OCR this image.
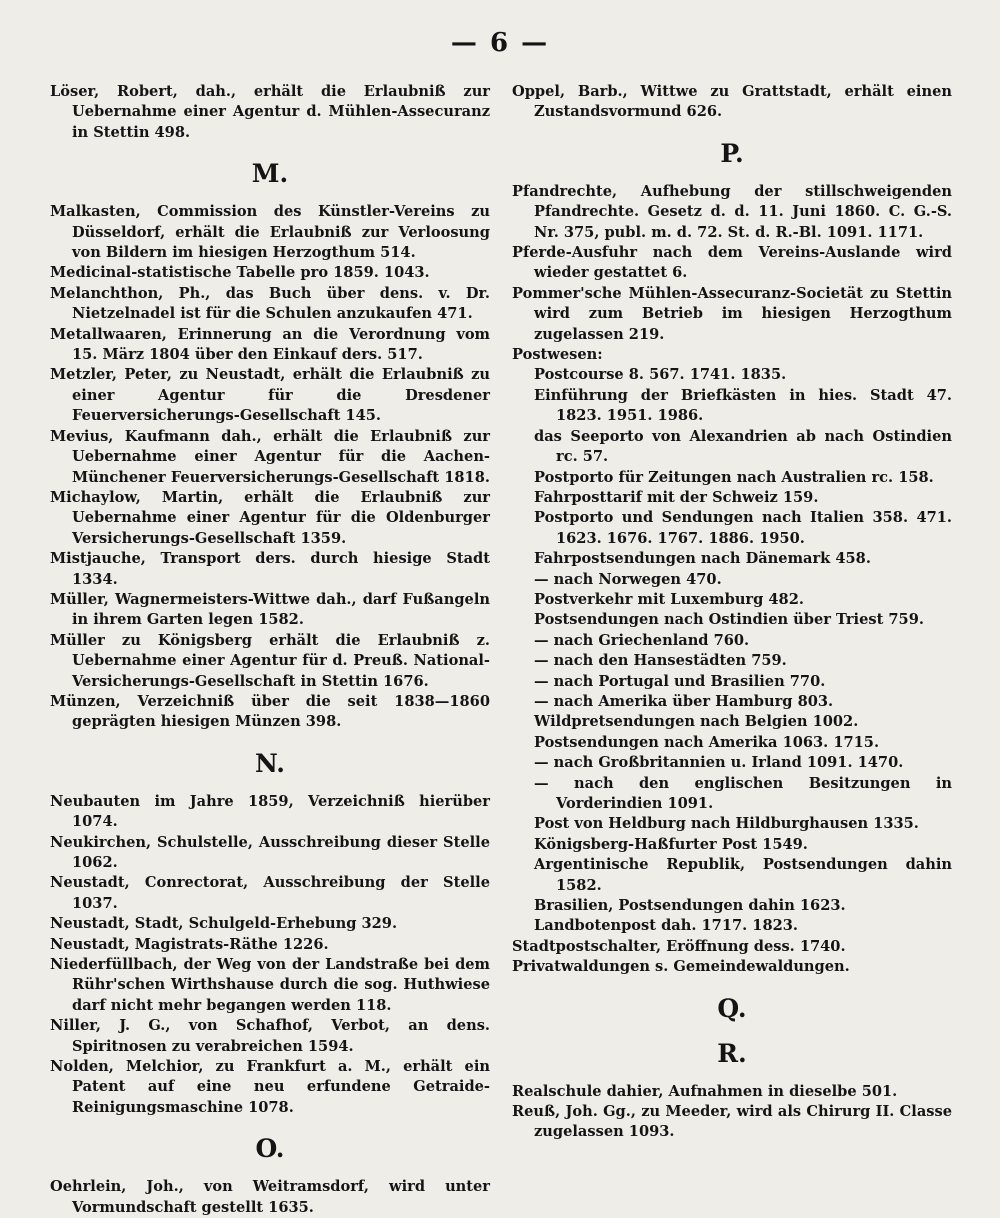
— 6 —

Löser, Robert, dah., erhält die Erlaubniß zur Uebernahme einer Agentur d. Mühlen-Assecuranz in Stettin 498.

M.

Malkasten, Commission des Künstler-Vereins zu Düsseldorf, erhält die Erlaubniß zur Verloosung von Bildern im hiesigen Herzogthum 514.

Medicinal-statistische Tabelle pro 1859. 1043.

Melanchthon, Ph., das Buch über dens. v. Dr. Nietzelnadel ist für die Schulen anzukaufen 471.

Metallwaaren, Erinnerung an die Verordnung vom 15. März 1804 über den Einkauf ders. 517.

Metzler, Peter, zu Neustadt, erhält die Erlaubniß zu einer Agentur für die Dresdener Feuerversicherungs-Gesellschaft 145.

Mevius, Kaufmann dah., erhält die Erlaubniß zur Uebernahme einer Agentur für die Aachen-Münchener Feuerversicherungs-Gesellschaft 1818.

Michaylow, Martin, erhält die Erlaubniß zur Uebernahme einer Agentur für die Oldenburger Versicherungs-Gesellschaft 1359.

Mistjauche, Transport ders. durch hiesige Stadt 1334.

Müller, Wagnermeisters-Wittwe dah., darf Fußangeln in ihrem Garten legen 1582.

Müller zu Königsberg erhält die Erlaubniß z. Uebernahme einer Agentur für d. Preuß. National-Versicherungs-Gesellschaft in Stettin 1676.

Münzen, Verzeichniß über die seit 1838—1860 geprägten hiesigen Münzen 398.

N.

Neubauten im Jahre 1859, Verzeichniß hierüber 1074.

Neukirchen, Schulstelle, Ausschreibung dieser Stelle 1062.

Neustadt, Conrectorat, Ausschreibung der Stelle 1037.

Neustadt, Stadt, Schulgeld-Erhebung 329.

Neustadt, Magistrats-Räthe 1226.

Niederfüllbach, der Weg von der Landstraße bei dem Rühr'schen Wirthshause durch die sog. Huthwiese darf nicht mehr begangen werden 118.

Niller, J. G., von Schafhof, Verbot, an dens. Spiritnosen zu verabreichen 1594.

Nolden, Melchior, zu Frankfurt a. M., erhält ein Patent auf eine neu erfundene Getraide-Reinigungsmaschine 1078.

O.

Oehrlein, Joh., von Weitramsdorf, wird unter Vormundschaft gestellt 1635.

Oppel, Barb., Wittwe zu Grattstadt, erhält einen Zustandsvormund 626.

P.

Pfandrechte, Aufhebung der stillschweigenden Pfandrechte. Gesetz d. d. 11. Juni 1860. C. G.-S. Nr. 375, publ. m. d. 72. St. d. R.-Bl. 1091. 1171.

Pferde-Ausfuhr nach dem Vereins-Auslande wird wieder gestattet 6.

Pommer'sche Mühlen-Assecuranz-Societät zu Stettin wird zum Betrieb im hiesigen Herzogthum zugelassen 219.

Postwesen:

Postcourse 8. 567. 1741. 1835.

Einführung der Briefkästen in hies. Stadt 47. 1823. 1951. 1986.

das Seeporto von Alexandrien ab nach Ostindien rc. 57.

Postporto für Zeitungen nach Australien rc. 158.

Fahrposttarif mit der Schweiz 159.

Postporto und Sendungen nach Italien 358. 471. 1623. 1676. 1767. 1886. 1950.

Fahrpostsendungen nach Dänemark 458.

— nach Norwegen 470.

Postverkehr mit Luxemburg 482.

Postsendungen nach Ostindien über Triest 759.

— nach Griechenland 760.

— nach den Hansestädten 759.

— nach Portugal und Brasilien 770.

— nach Amerika über Hamburg 803.

Wildpretsendungen nach Belgien 1002.

Postsendungen nach Amerika 1063. 1715.

— nach Großbritannien u. Irland 1091. 1470.

— nach den englischen Besitzungen in Vorderindien 1091.

Post von Heldburg nach Hildburghausen 1335.

Königsberg-Haßfurter Post 1549.

Argentinische Republik, Postsendungen dahin 1582.

Brasilien, Postsendungen dahin 1623.

Landbotenpost dah. 1717. 1823.

Stadtpostschalter, Eröffnung dess. 1740.

Privatwaldungen s. Gemeindewaldungen.

Q.
R.

Realschule dahier, Aufnahmen in dieselbe 501.

Reuß, Joh. Gg., zu Meeder, wird als Chirurg II. Classe zugelassen 1093.
